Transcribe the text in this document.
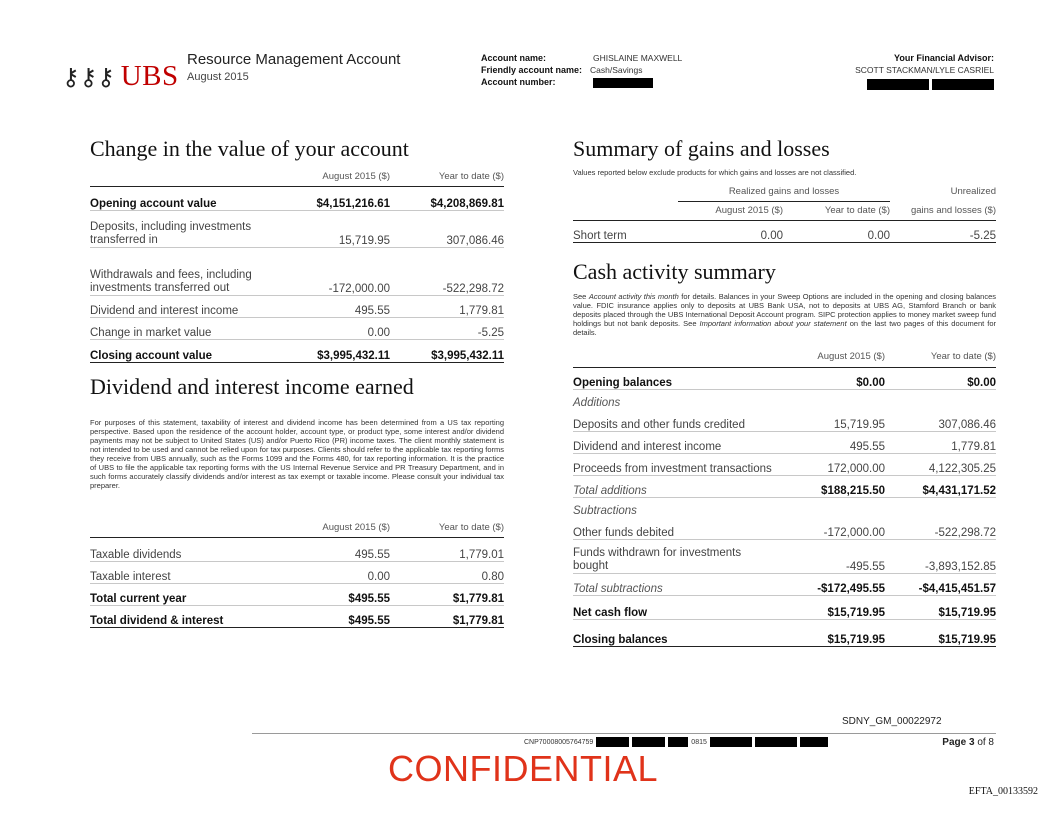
⚷⚷⚷ UBS
Resource Management Account
August 2015
Account name:	GHISLAINE MAXWELL
Friendly account name: Cash/Savings
Account number:
Your Financial Advisor:
SCOTT STACKMAN/LYLE CASRIEL

Change in the value of your account
	August 2015 ($)	Year to date ($)
Opening account value	$4,151,216.61	$4,208,869.81
Deposits, including investments transferred in	15,719.95	307,086.46
Withdrawals and fees, including investments transferred out	-172,000.00	-522,298.72
Dividend and interest income	495.55	1,779.81
Change in market value	0.00	-5.25
Closing account value	$3,995,432.11	$3,995,432.11
Dividend and interest income earned
For purposes of this statement, taxability of interest and dividend income has been determined from a US tax reporting perspective. Based upon the residence of the account holder, account type, or product type, some interest and/or dividend payments may not be subject to United States (US) and/or Puerto Rico (PR) income taxes. The client monthly statement is not intended to be used and cannot be relied upon for tax purposes. Clients should refer to the applicable tax reporting forms they receive from UBS annually, such as the Forms 1099 and the Forms 480, for tax reporting information. It is the practice of UBS to file the applicable tax reporting forms with the US Internal Revenue Service and PR Treasury Department, and in such forms accurately classify dividends and/or interest as tax exempt or taxable income. Please consult your individual tax preparer.
	August 2015 ($)	Year to date ($)
Taxable dividends	495.55	1,779.01
Taxable interest	0.00	0.80
Total current year	$495.55	$1,779.81
Total dividend & interest	$495.55	$1,779.81
Summary of gains and losses
Values reported below exclude products for which gains and losses are not classified.
	Realized gains and losses		Unrealized
	August 2015 ($)	Year to date ($)	gains and losses ($)
Short term	0.00	0.00	-5.25
Cash activity summary
See Account activity this month for details. Balances in your Sweep Options are included in the opening and closing balances value. FDIC insurance applies only to deposits at UBS Bank USA, not to deposits at UBS AG, Stamford Branch or bank deposits placed through the UBS International Deposit Account program. SIPC protection applies to money market sweep fund holdings but not bank deposits. See Important information about your statement on the last two pages of this document for details.
	August 2015 ($)	Year to date ($)
Opening balances	$0.00	$0.00
Additions		
Deposits and other funds credited	15,719.95	307,086.46
Dividend and interest income	495.55	1,779.81
Proceeds from investment transactions	172,000.00	4,122,305.25
Total additions	$188,215.50	$4,431,171.52
Subtractions		
Other funds debited	-172,000.00	-522,298.72
Funds withdrawn for investments bought	-495.55	-3,893,152.85
Total subtractions	-$172,495.55	-$4,415,451.57
Net cash flow	$15,719.95	$15,719.95
Closing balances	$15,719.95	$15,719.95
SDNY_GM_00022972
CNP70008005764759	0815	Page 3 of 8
CONFIDENTIAL
EFTA_00133592
